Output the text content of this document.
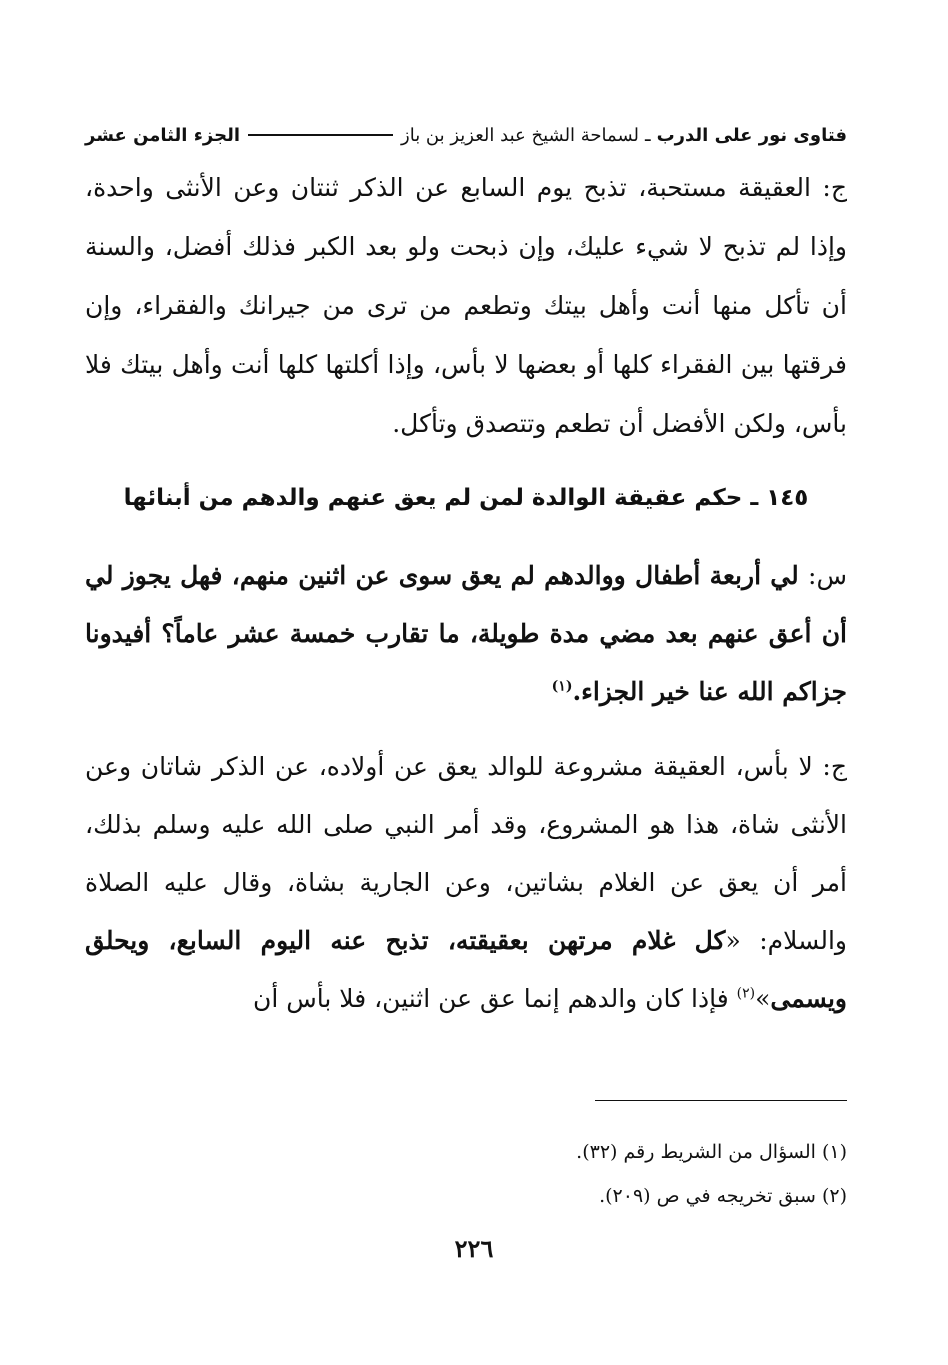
فتاوى نور على الدرب
ـ
لسماحة الشيخ عبد العزيز بن باز
الجزء الثامن عشر

ج: العقيقة مستحبة، تذبح يوم السابع عن الذكر ثنتان وعن الأنثى واحدة، وإذا لم تذبح لا شيء عليك، وإن ذبحت ولو بعد الكبر فذلك أفضل، والسنة أن تأكل منها أنت وأهل بيتك وتطعم من ترى من جيرانك والفقراء، وإن فرقتها بين الفقراء كلها أو بعضها لا بأس، وإذا أكلتها كلها أنت وأهل بيتك فلا بأس، ولكن الأفضل أن تطعم وتتصدق وتأكل.

١٤٥ ـ حكم عقيقة الوالدة لمن لم يعق عنهم والدهم من أبنائها

س: لي أربعة أطفال ووالدهم لم يعق سوى عن اثنين منهم، فهل يجوز لي أن أعق عنهم بعد مضي مدة طويلة، ما تقارب خمسة عشر عاماً؟ أفيدونا جزاكم الله عنا خير الجزاء.$^{(١)}$

ج: لا بأس، العقيقة مشروعة للوالد يعق عن أولاده، عن الذكر شاتان وعن الأنثى شاة، هذا هو المشروع، وقد أمر النبي صلى الله عليه وسلم بذلك، أمر أن يعق عن الغلام بشاتين، وعن الجارية بشاة، وقال عليه الصلاة والسلام: «كل غلام مرتهن بعقيقته، تذبح عنه اليوم السابع، ويحلق ويسمى»$^{(٢)}$ فإذا كان والدهم إنما عق عن اثنين، فلا بأس أن

(١) السؤال من الشريط رقم (٣٢).
(٢) سبق تخريجه في ص (٢٠٩).
٢٢٦
